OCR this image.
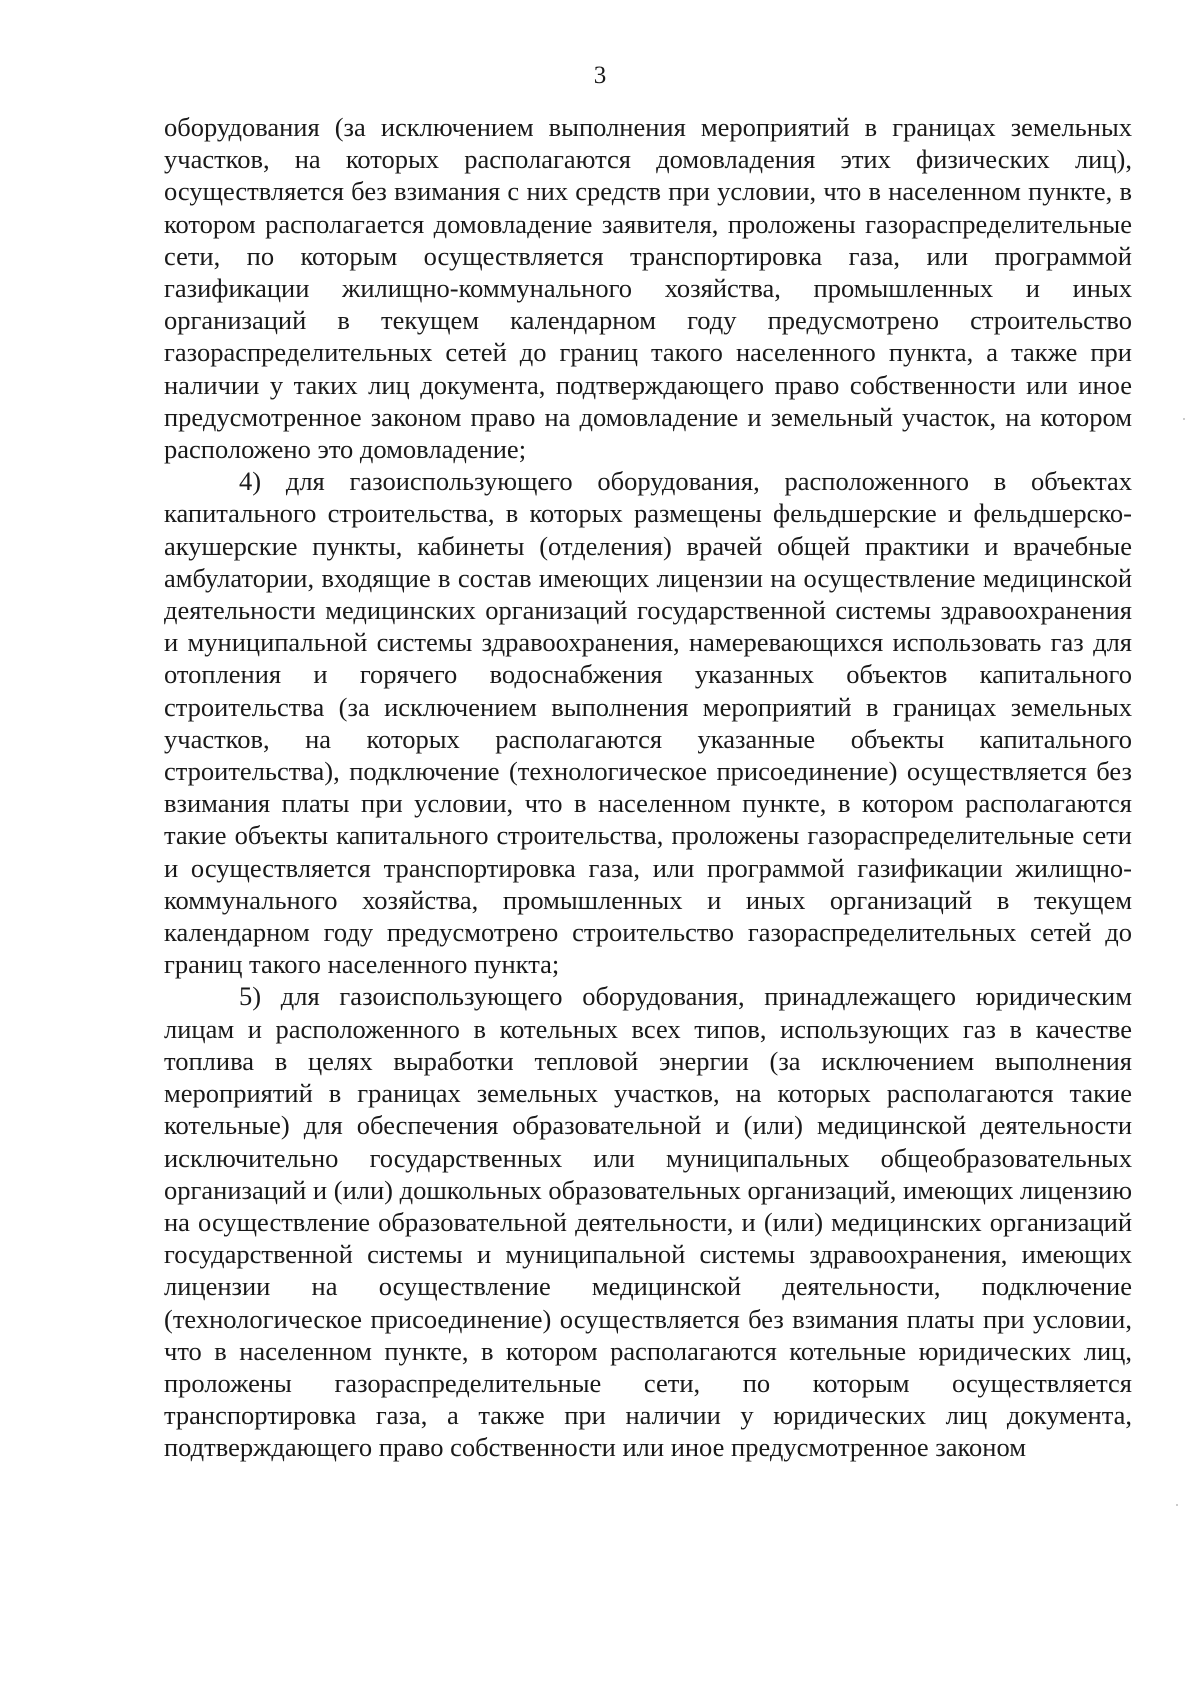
3

оборудования (за исключением выполнения мероприятий в границах земельных участков, на которых располагаются домовладения этих физических лиц), осуществляется без взимания с них средств при условии, что в населенном пункте, в котором располагается домовладение заявителя, проложены газораспределительные сети, по которым осуществляется транспортировка газа, или программой газификации жилищно-коммунального хозяйства, промышленных и иных организаций в текущем календарном году предусмотрено строительство газораспределительных сетей до границ такого населенного пункта, а также при наличии у таких лиц документа, подтверждающего право собственности или иное предусмотренное законом право на домовладение и земельный участок, на котором расположено это домовладение;

4) для газоиспользующего оборудования, расположенного в объектах капитального строительства, в которых размещены фельдшерские и фельдшерско-акушерские пункты, кабинеты (отделения) врачей общей практики и врачебные амбулатории, входящие в состав имеющих лицензии на осуществление медицинской деятельности медицинских организаций государственной системы здравоохранения и муниципальной системы здравоохранения, намеревающихся использовать газ для отопления и горячего водоснабжения указанных объектов капитального строительства (за исключением выполнения мероприятий в границах земельных участков, на которых располагаются указанные объекты капитального строительства), подключение (технологическое присоединение) осуществляется без взимания платы при условии, что в населенном пункте, в котором располагаются такие объекты капитального строительства, проложены газораспределительные сети и осуществляется транспортировка газа, или программой газификации жилищно-коммунального хозяйства, промышленных и иных организаций в текущем календарном году предусмотрено строительство газораспределительных сетей до границ такого населенного пункта;

5) для газоиспользующего оборудования, принадлежащего юридическим лицам и расположенного в котельных всех типов, использующих газ в качестве топлива в целях выработки тепловой энергии (за исключением выполнения мероприятий в границах земельных участков, на которых располагаются такие котельные) для обеспечения образовательной и (или) медицинской деятельности исключительно государственных или муниципальных общеобразовательных организаций и (или) дошкольных образовательных организаций, имеющих лицензию на осуществление образовательной деятельности, и (или) медицинских организаций государственной системы и муниципальной системы здравоохранения, имеющих лицензии на осуществление медицинской деятельности, подключение (технологическое присоединение) осуществляется без взимания платы при условии, что в населенном пункте, в котором располагаются котельные юридических лиц, проложены газораспределительные сети, по которым осуществляется транспортировка газа, а также при наличии у юридических лиц документа, подтверждающего право собственности или иное предусмотренное законом
